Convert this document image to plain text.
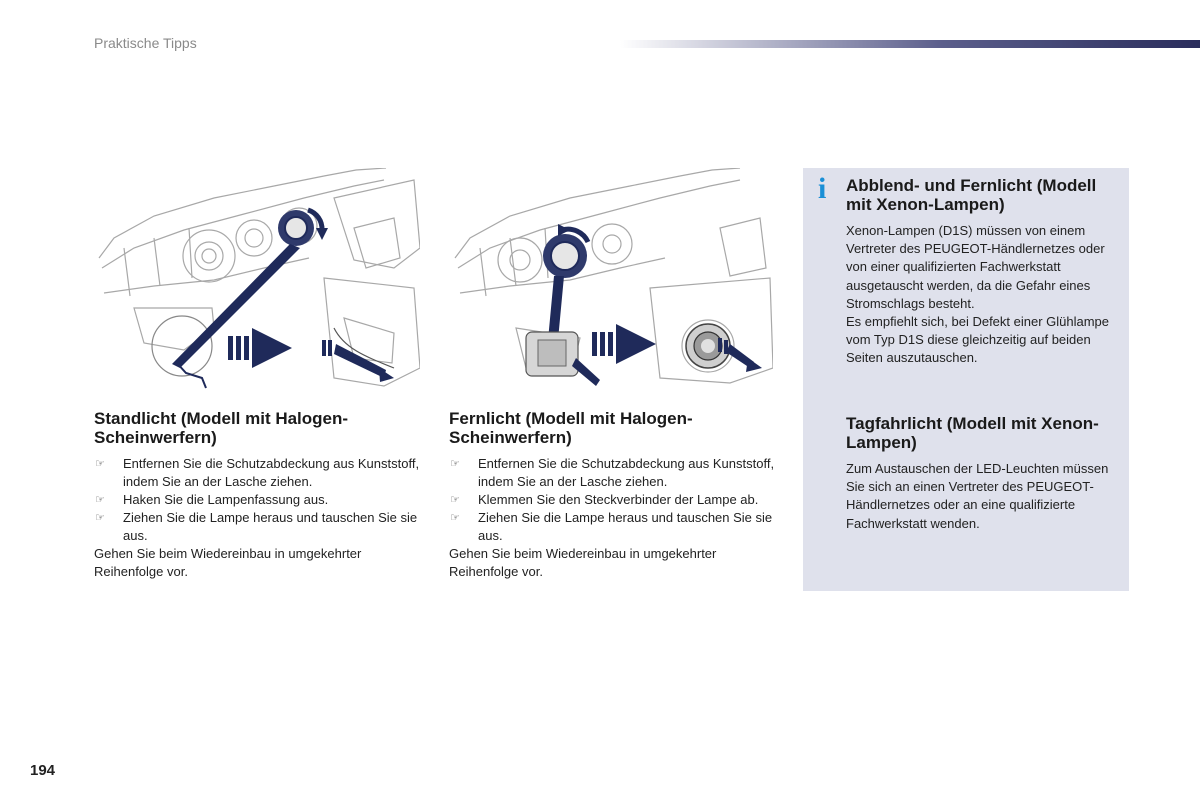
Praktische Tipps
Standlicht (Modell mit Halogen-Scheinwerfern)
☞ Entfernen Sie die Schutzabdeckung aus Kunststoff, indem Sie an der Lasche ziehen.
☞ Haken Sie die Lampenfassung aus.
☞ Ziehen Sie die Lampe heraus und tauschen Sie sie aus.

Gehen Sie beim Wiedereinbau in umgekehrter Reihenfolge vor.

Fernlicht (Modell mit Halogen-Scheinwerfern)
☞ Entfernen Sie die Schutzabdeckung aus Kunststoff, indem Sie an der Lasche ziehen.
☞ Klemmen Sie den Steckverbinder der Lampe ab.
☞ Ziehen Sie die Lampe heraus und tauschen Sie sie aus.

Gehen Sie beim Wiedereinbau in umgekehrter Reihenfolge vor.

i Abblend- und Fernlicht (Modell mit Xenon-Lampen)

Xenon-Lampen (D1S) müssen von einem Vertreter des PEUGEOT-Händlernetzes oder von einer qualifizierten Fachwerkstatt ausgetauscht werden, da die Gefahr eines Stromschlags besteht.

Es empfiehlt sich, bei Defekt einer Glühlampe vom Typ D1S diese gleichzeitig auf beiden Seiten auszutauschen.

Tagfahrlicht (Modell mit Xenon-Lampen)

Zum Austauschen der LED-Leuchten müssen Sie sich an einen Vertreter des PEUGEOT-Händlernetzes oder an eine qualifizierte Fachwerkstatt wenden.

194
